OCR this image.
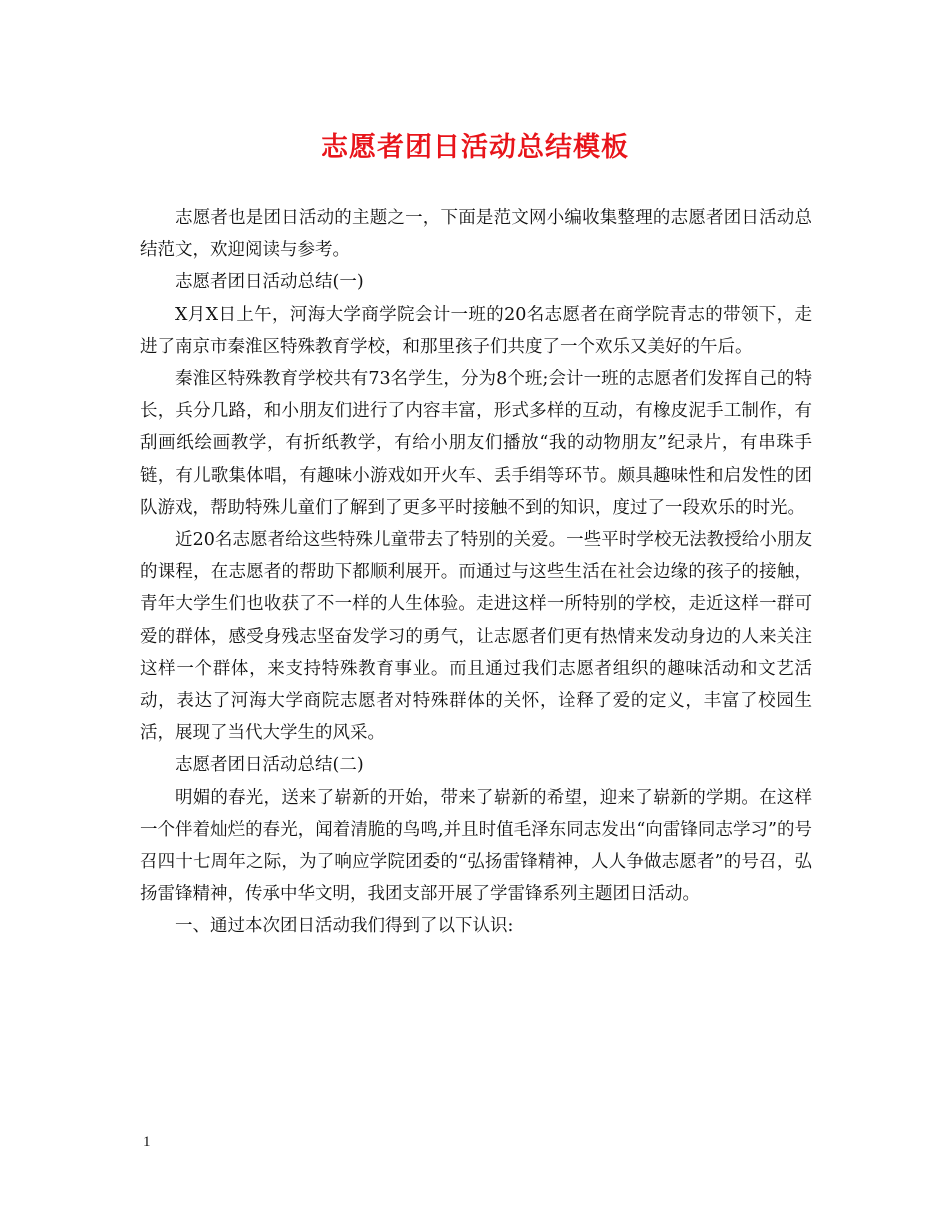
志愿者团日活动总结模板

志愿者也是团日活动的主题之一，下面是范文网小编收集整理的志愿者团日活动总结范文，欢迎阅读与参考。

志愿者团日活动总结(一)

X月X日上午，河海大学商学院会计一班的20名志愿者在商学院青志的带领下，走进了南京市秦淮区特殊教育学校，和那里孩子们共度了一个欢乐又美好的午后。

秦淮区特殊教育学校共有73名学生，分为8个班;会计一班的志愿者们发挥自己的特长，兵分几路，和小朋友们进行了内容丰富，形式多样的互动，有橡皮泥手工制作，有刮画纸绘画教学，有折纸教学，有给小朋友们播放“我的动物朋友”纪录片，有串珠手链，有儿歌集体唱，有趣味小游戏如开火车、丢手绢等环节。颇具趣味性和启发性的团队游戏，帮助特殊儿童们了解到了更多平时接触不到的知识，度过了一段欢乐的时光。

近20名志愿者给这些特殊儿童带去了特别的关爱。一些平时学校无法教授给小朋友的课程，在志愿者的帮助下都顺利展开。而通过与这些生活在社会边缘的孩子的接触，青年大学生们也收获了不一样的人生体验。走进这样一所特别的学校，走近这样一群可爱的群体，感受身残志坚奋发学习的勇气，让志愿者们更有热情来发动身边的人来关注这样一个群体，来支持特殊教育事业。而且通过我们志愿者组织的趣味活动和文艺活动，表达了河海大学商院志愿者对特殊群体的关怀，诠释了爱的定义，丰富了校园生活，展现了当代大学生的风采。

志愿者团日活动总结(二)

明媚的春光，送来了崭新的开始，带来了崭新的希望，迎来了崭新的学期。在这样一个伴着灿烂的春光，闻着清脆的鸟鸣,并且时值毛泽东同志发出“向雷锋同志学习”的号召四十七周年之际，为了响应学院团委的“弘扬雷锋精神，人人争做志愿者”的号召，弘扬雷锋精神，传承中华文明，我团支部开展了学雷锋系列主题团日活动。

一、通过本次团日活动我们得到了以下认识:

1
